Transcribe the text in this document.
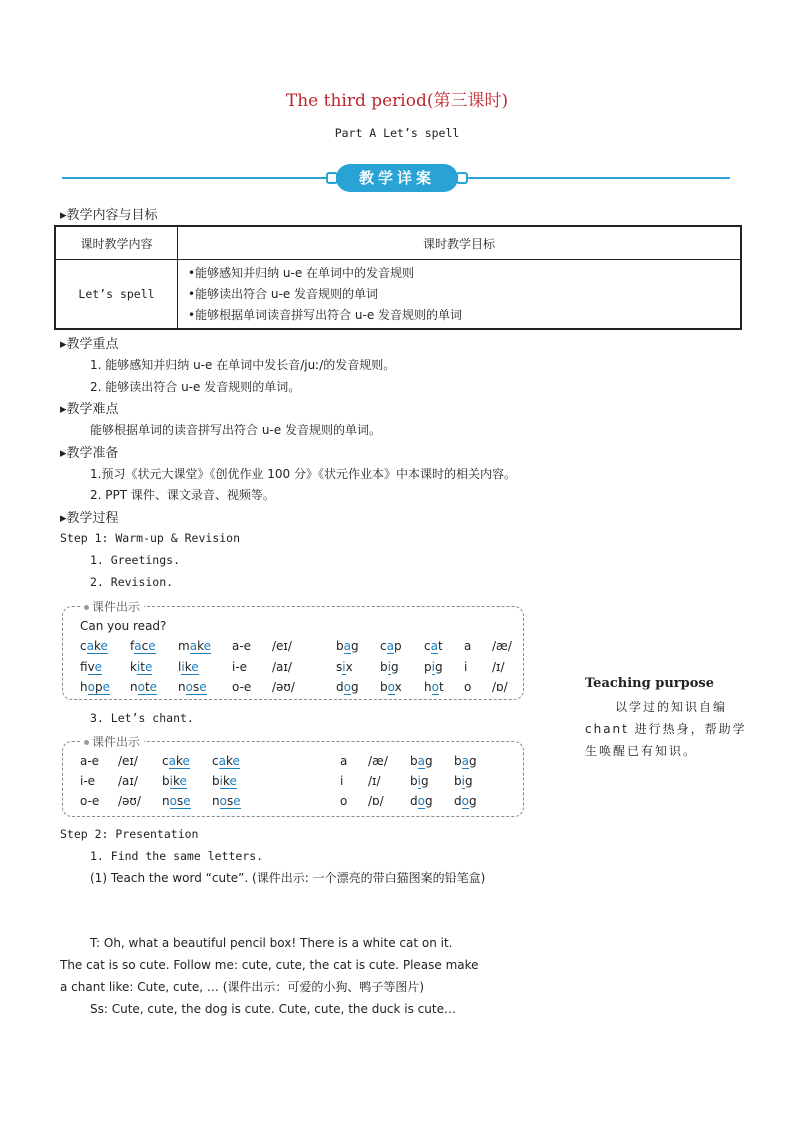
The third period(第三课时)
Part A Let’s spell
教学详案
▸教学内容与目标
课时教学内容	课时教学目标
Let’s spell	•能够感知并归纳 u-e 在单词中的发音规则
•能够读出符合 u-e 发音规则的单词
•能够根据单词读音拼写出符合 u-e 发音规则的单词
▸教学重点
1. 能够感知并归纳 u-e 在单词中发长音/juː/的发音规则。
2. 能够读出符合 u-e 发音规则的单词。
▸教学难点
能够根据单词的读音拼写出符合 u-e 发音规则的单词。
▸教学准备
1.预习《状元大课堂》《创优作业 100 分》《状元作业本》中本课时的相关内容。
2. PPT 课件、课文录音、视频等。
▸教学过程
Step 1: Warm-up & Revision
1. Greetings.
2. Revision.
课件出示
Can you read?
cake face make a-e /eɪ/	bag cap cat a /æ/
fve kite like	i-e /aɪ/	six big pig i /ɪ/
hope note nose o-e /əʊ/	dog box hot o /ɒ/
3. Let’s chant.
课件出示
a-e /eɪ/ cake cake	a /æ/ bag bag
i-e /aɪ/ bike bike	i /ɪ/ big big
o-e /əʊ/ nose nose	o /ɒ/ dog dog
Step 2: Presentation
1. Find the same letters.
(1) Teach the word “cute”. (课件出示: 一个漂亮的带白猫图案的铅笔盒)
T: Oh, what a beautiful pencil box! There is a white cat on it.
The cat is so cute. Follow me: cute, cute, the cat is cute. Please make
a chant like: Cute, cute, … (课件出示：可爱的小狗、鸭子等图片)
Ss: Cute, cute, the dog is cute. Cute, cute, the duck is cute…
Teaching purpose
以学过的知识自编 chant 进行热身，帮助学生唤醒已有知识。
